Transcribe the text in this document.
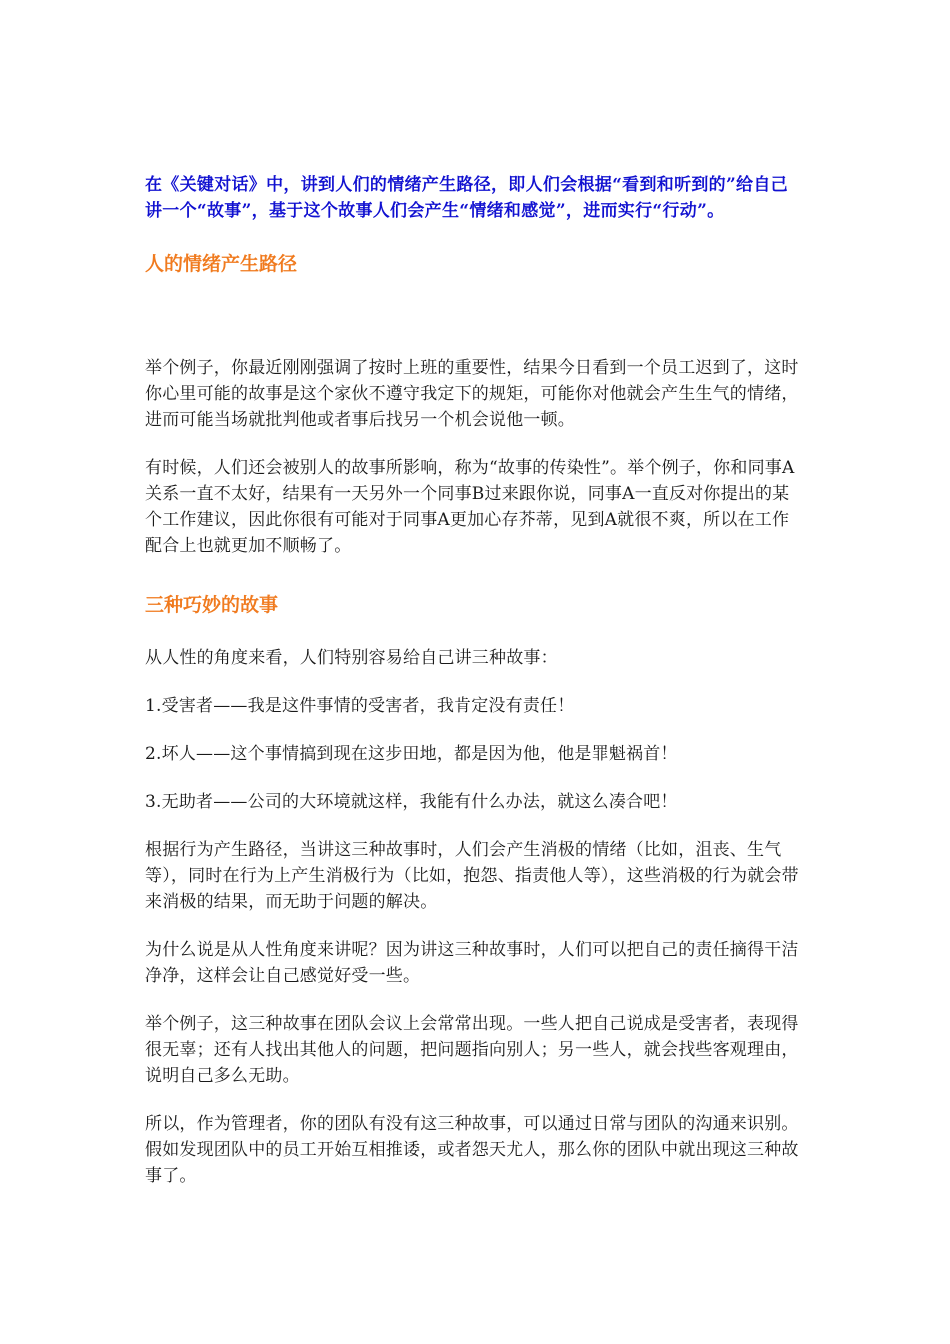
在《关键对话》中，讲到人们的情绪产生路径，即人们会根据“看到和听到的”给自己讲一个“故事”，基于这个故事人们会产生“情绪和感觉”，进而实行“行动”。

人的情绪产生路径

举个例子，你最近刚刚强调了按时上班的重要性，结果今日看到一个员工迟到了，这时你心里可能的故事是这个家伙不遵守我定下的规矩，可能你对他就会产生生气的情绪，进而可能当场就批判他或者事后找另一个机会说他一顿。

有时候，人们还会被别人的故事所影响，称为“故事的传染性”。举个例子，你和同事A关系一直不太好，结果有一天另外一个同事B过来跟你说，同事A一直反对你提出的某个工作建议，因此你很有可能对于同事A更加心存芥蒂，见到A就很不爽，所以在工作配合上也就更加不顺畅了。

三种巧妙的故事

从人性的角度来看，人们特别容易给自己讲三种故事：

1.受害者——我是这件事情的受害者，我肯定没有责任！

2.坏人——这个事情搞到现在这步田地，都是因为他，他是罪魁祸首！

3.无助者——公司的大环境就这样，我能有什么办法，就这么凑合吧！

根据行为产生路径，当讲这三种故事时，人们会产生消极的情绪（比如，沮丧、生气等），同时在行为上产生消极行为（比如，抱怨、指责他人等），这些消极的行为就会带来消极的结果，而无助于问题的解决。

为什么说是从人性角度来讲呢？因为讲这三种故事时，人们可以把自己的责任摘得干洁净净，这样会让自己感觉好受一些。

举个例子，这三种故事在团队会议上会常常出现。一些人把自己说成是受害者，表现得很无辜；还有人找出其他人的问题，把问题指向别人；另一些人，就会找些客观理由，说明自己多么无助。

所以，作为管理者，你的团队有没有这三种故事，可以通过日常与团队的沟通来识别。假如发现团队中的员工开始互相推诿，或者怨天尤人，那么你的团队中就出现这三种故事了。
